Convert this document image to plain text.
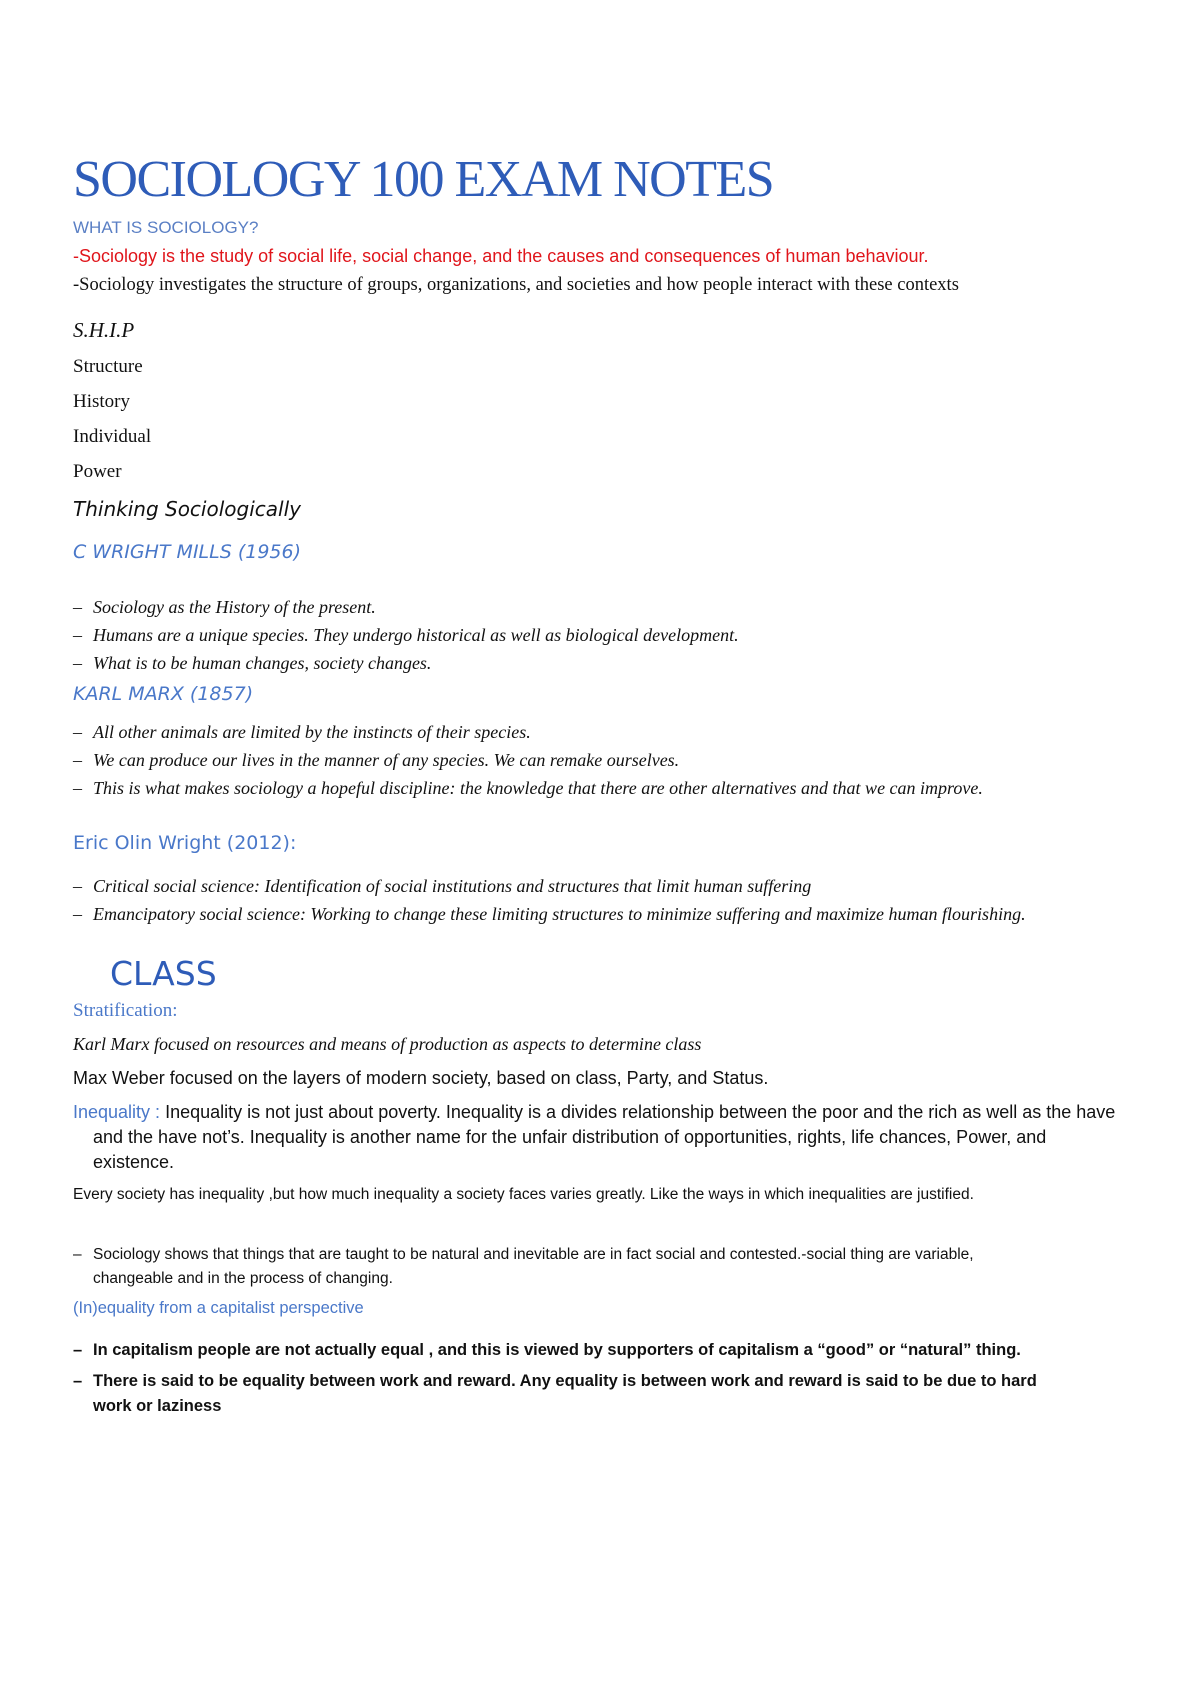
SOCIOLOGY 100 EXAM NOTES

WHAT IS SOCIOLOGY?

-Sociology is the study of social life, social change, and the causes and consequences of human behaviour.

-Sociology investigates the structure of groups, organizations, and societies and how people interact with these contexts

S.H.I.P

Structure

History

Individual

Power

Thinking Sociologically

C WRIGHT MILLS (1956)

– Sociology as the History of the present.
– Humans are a unique species. They undergo historical as well as biological development.
– What is to be human changes, society changes.

KARL MARX (1857)

– All other animals are limited by the instincts of their species.
– We can produce our lives in the manner of any species. We can remake ourselves.
– This is what makes sociology a hopeful discipline: the knowledge that there are other alternatives and that we can improve.

Eric Olin Wright (2012):

– Critical social science: Identification of social institutions and structures that limit human suffering
– Emancipatory social science: Working to change these limiting structures to minimize suffering and maximize human flourishing.
CLASS

Stratification:

Karl Marx focused on resources and means of production as aspects to determine class

Max Weber focused on the layers of modern society, based on class, Party, and Status.

Inequality : Inequality is not just about poverty. Inequality is a divides relationship between the poor and the rich as well as the have and the have not’s. Inequality is another name for the unfair distribution of opportunities, rights, life chances, Power, and existence.

Every society has inequality ,but how much inequality a society faces varies greatly. Like the ways in which inequalities are justified.

– Sociology shows that things that are taught to be natural and inevitable are in fact social and contested.-social thing are variable, changeable and in the process of changing.

(In)equality from a capitalist perspective

– In capitalism people are not actually equal , and this is viewed by supporters of capitalism a “good” or “natural” thing.
– There is said to be equality between work and reward. Any equality is between work and reward is said to be due to hard work or laziness
